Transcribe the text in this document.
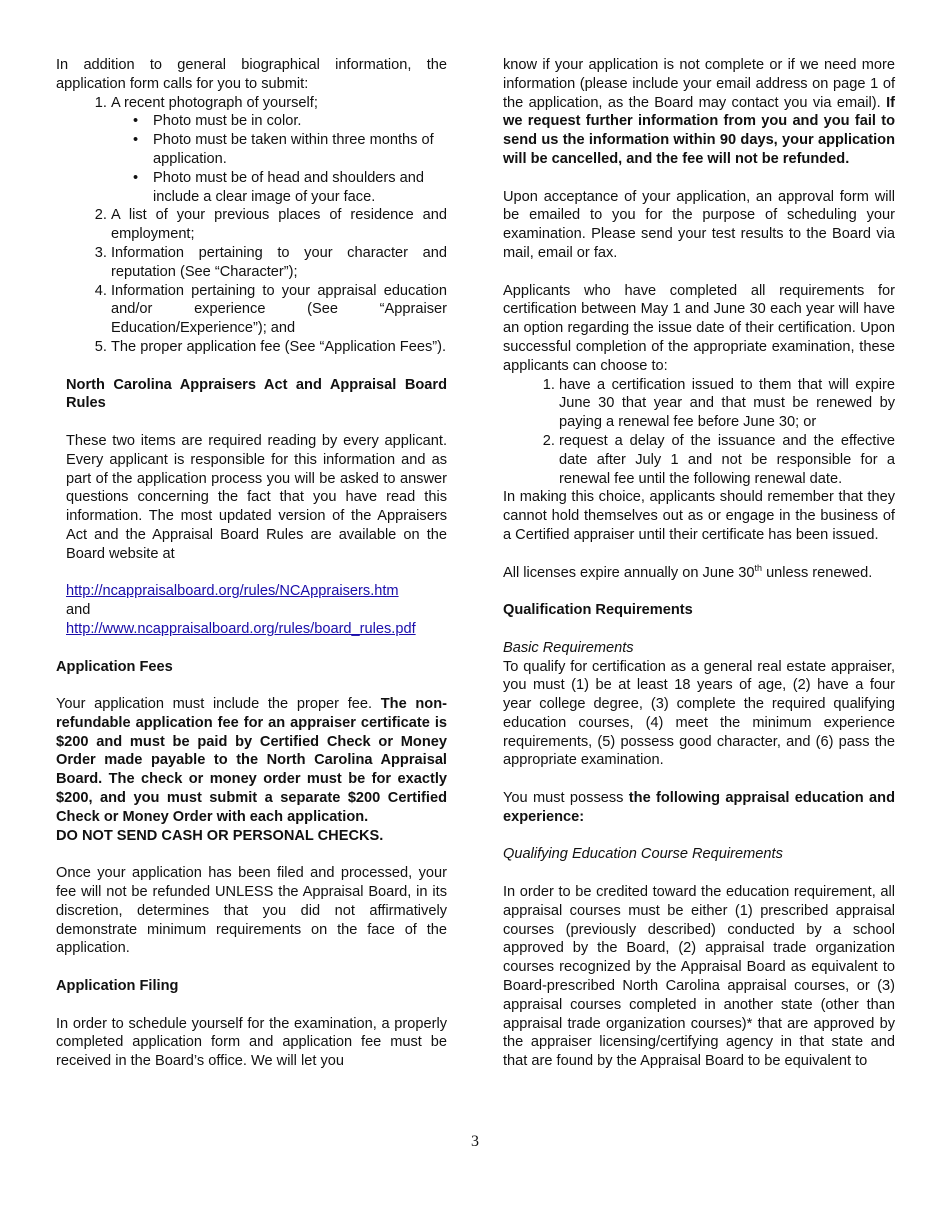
In addition to general biographical information, the application form calls for you to submit:

1. A recent photograph of yourself;
• Photo must be in color.
• Photo must be taken within three months of application.
• Photo must be of head and shoulders and include a clear image of your face.
2. A list of your previous places of residence and employment;
3. Information pertaining to your character and reputation (See “Character”);
4. Information pertaining to your appraisal education and/or experience (See “Appraiser Education/Experience”); and
5. The proper application fee (See “Application Fees”).

North Carolina Appraisers Act and Appraisal Board Rules

These two items are required reading by every applicant. Every applicant is responsible for this information and as part of the application process you will be asked to answer questions concerning the fact that you have read this information. The most updated version of the Appraisers Act and the Appraisal Board Rules are available on the Board website at

http://ncappraisalboard.org/rules/NCAppraisers.htm

and

http://www.ncappraisalboard.org/rules/board_rules.pdf

Application Fees

Your application must include the proper fee. The non-refundable application fee for an appraiser certificate is $200 and must be paid by Certified Check or Money Order made payable to the North Carolina Appraisal Board. The check or money order must be for exactly $200, and you must submit a separate $200 Certified Check or Money Order with each application.

DO NOT SEND CASH OR PERSONAL CHECKS.

Once your application has been filed and processed, your fee will not be refunded UNLESS the Appraisal Board, in its discretion, determines that you did not affirmatively demonstrate minimum requirements on the face of the application.

Application Filing

In order to schedule yourself for the examination, a properly completed application form and application fee must be received in the Board’s office. We will let you

know if your application is not complete or if we need more information (please include your email address on page 1 of the application, as the Board may contact you via email). If we request further information from you and you fail to send us the information within 90 days, your application will be cancelled, and the fee will not be refunded.

Upon acceptance of your application, an approval form will be emailed to you for the purpose of scheduling your examination. Please send your test results to the Board via mail, email or fax.

Applicants who have completed all requirements for certification between May 1 and June 30 each year will have an option regarding the issue date of their certification. Upon successful completion of the appropriate examination, these applicants can choose to:

1. have a certification issued to them that will expire June 30 that year and that must be renewed by paying a renewal fee before June 30; or
2. request a delay of the issuance and the effective date after July 1 and not be responsible for a renewal fee until the following renewal date.

In making this choice, applicants should remember that they cannot hold themselves out as or engage in the business of a Certified appraiser until their certificate has been issued.

All licenses expire annually on June 30th unless renewed.

Qualification Requirements

Basic Requirements

To qualify for certification as a general real estate appraiser, you must (1) be at least 18 years of age, (2) have a four year college degree, (3) complete the required qualifying education courses, (4) meet the minimum experience requirements, (5) possess good character, and (6) pass the appropriate examination.

You must possess the following appraisal education and experience:

Qualifying Education Course Requirements

In order to be credited toward the education requirement, all appraisal courses must be either (1) prescribed appraisal courses (previously described) conducted by a school approved by the Board, (2) appraisal trade organization courses recognized by the Appraisal Board as equivalent to Board-prescribed North Carolina appraisal courses, or (3) appraisal courses completed in another state (other than appraisal trade organization courses)* that are approved by the appraiser licensing/certifying agency in that state and that are found by the Appraisal Board to be equivalent to

3
